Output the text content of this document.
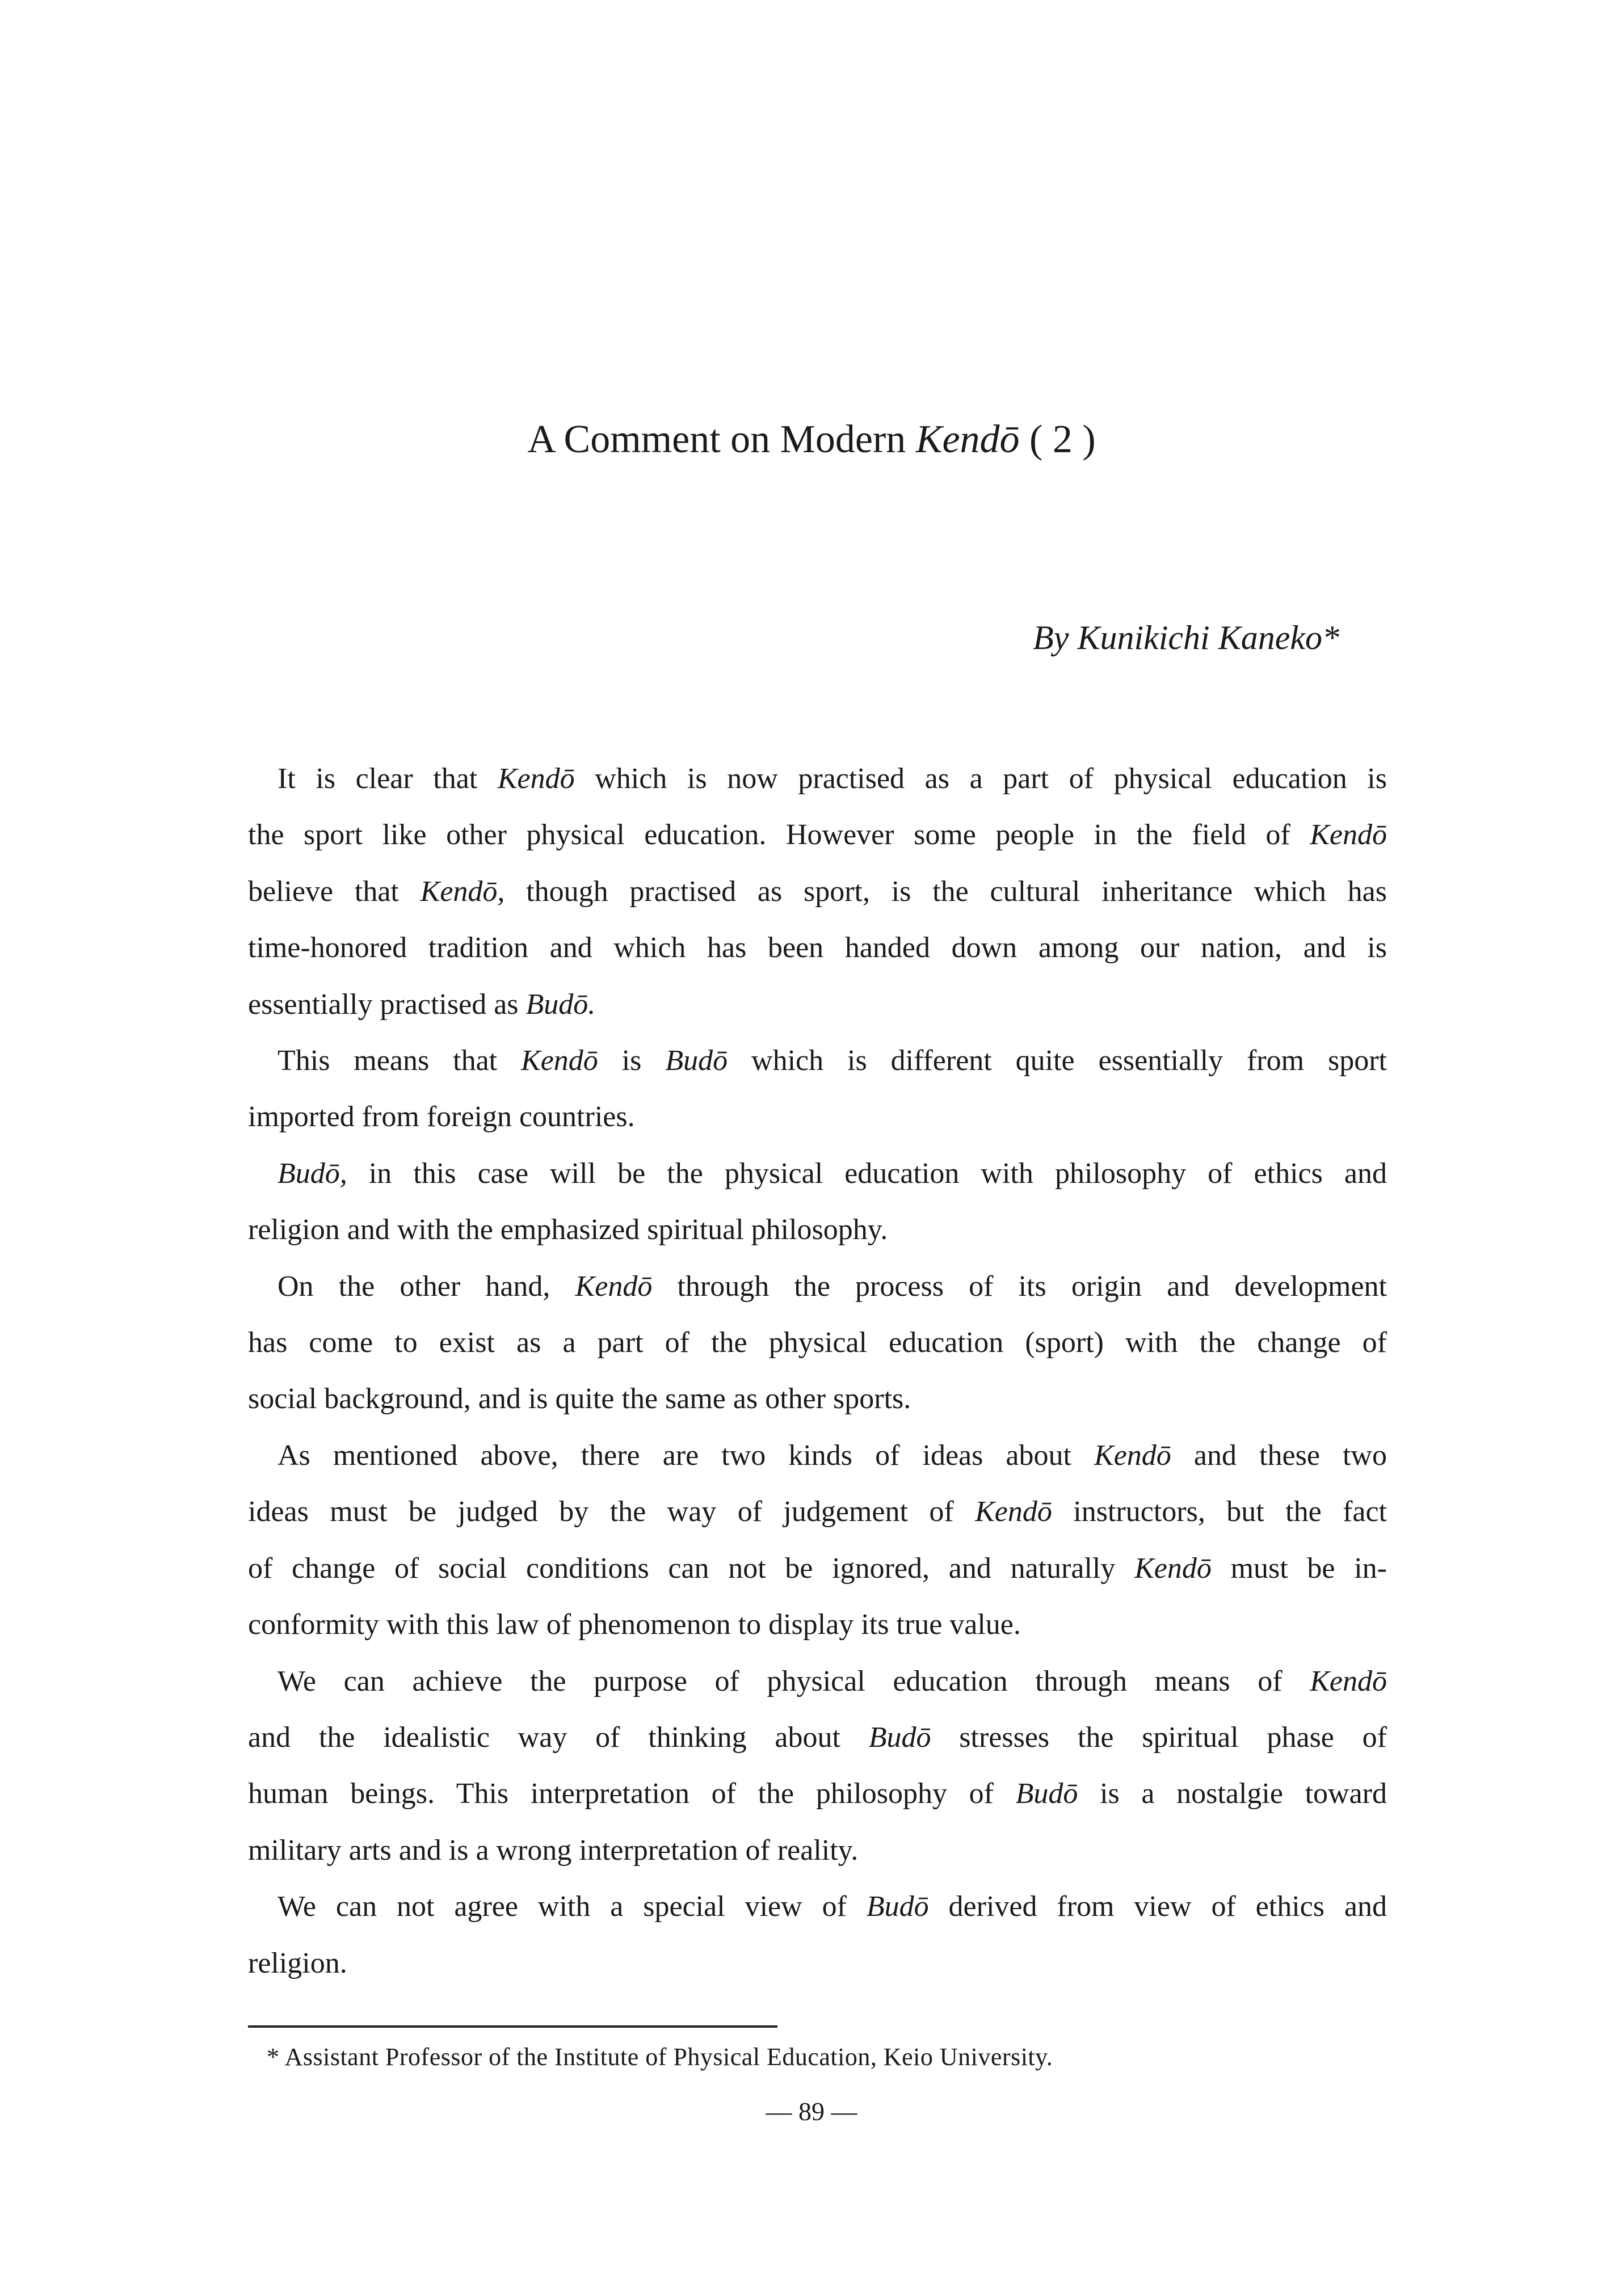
A Comment on Modern Kendō ( 2 )
By Kunikichi Kaneko*
It is clear that Kendō which is now practised as a part of physical education is
the sport like other physical education. However some people in the field of Kendō
believe that Kendō, though practised as sport, is the cultural inheritance which has
time-honored tradition and which has been handed down among our nation, and is
essentially practised as Budō.
This means that Kendō is Budō which is different quite essentially from sport
imported from foreign countries.
Budō, in this case will be the physical education with philosophy of ethics and
religion and with the emphasized spiritual philosophy.
On the other hand, Kendō through the process of its origin and development
has come to exist as a part of the physical education (sport) with the change of
social background, and is quite the same as other sports.
As mentioned above, there are two kinds of ideas about Kendō and these two
ideas must be judged by the way of judgement of Kendō instructors, but the fact
of change of social conditions can not be ignored, and naturally Kendō must be in-
conformity with this law of phenomenon to display its true value.
We can achieve the purpose of physical education through means of Kendō
and the idealistic way of thinking about Budō stresses the spiritual phase of
human beings. This interpretation of the philosophy of Budō is a nostalgie toward
military arts and is a wrong interpretation of reality.
We can not agree with a special view of Budō derived from view of ethics and
religion.
* Assistant Professor of the Institute of Physical Education, Keio University.
— 89 —
